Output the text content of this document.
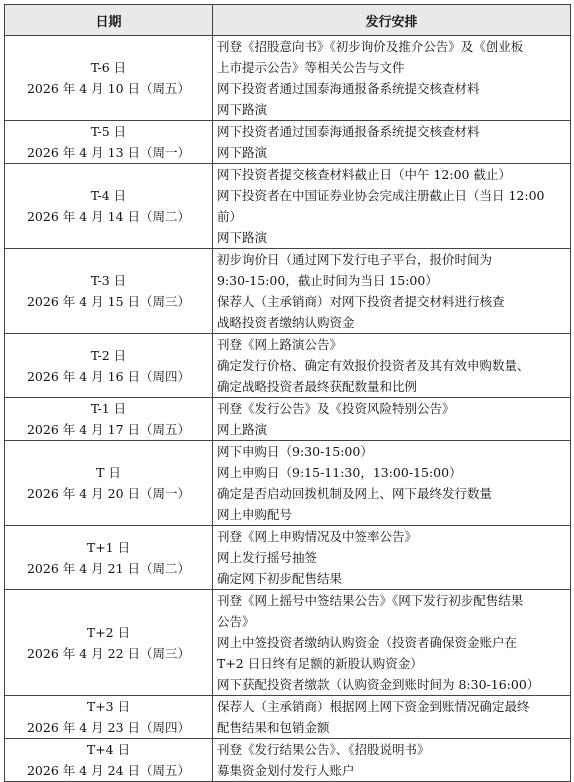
日期	发行安排

T-6 日
2026 年 4 月 10 日（周五）	刊登《招股意向书》《初步询价及推介公告》及《创业板
上市提示公告》等相关公告与文件
网下投资者通过国泰海通报备系统提交核查材料
网下路演

T-5 日
2026 年 4 月 13 日（周一）	网下投资者通过国泰海通报备系统提交核查材料
网下路演

T-4 日
2026 年 4 月 14 日（周二）	网下投资者提交核查材料截止日（中午 12:00 截止）
网下投资者在中国证券业协会完成注册截止日（当日 12:00
前）
网下路演

T-3 日
2026 年 4 月 15 日（周三）	初步询价日（通过网下发行电子平台，报价时间为
9:30-15:00，截止时间为当日 15:00）
保荐人（主承销商）对网下投资者提交材料进行核查
战略投资者缴纳认购资金

T-2 日
2026 年 4 月 16 日（周四）	刊登《网上路演公告》
确定发行价格、确定有效报价投资者及其有效申购数量、
确定战略投资者最终获配数量和比例

T-1 日
2026 年 4 月 17 日（周五）	刊登《发行公告》及《投资风险特别公告》
网上路演

T 日
2026 年 4 月 20 日（周一）	网下申购日（9:30-15:00）
网上申购日（9:15-11:30，13:00-15:00）
确定是否启动回拨机制及网上、网下最终发行数量
网上申购配号

T+1 日
2026 年 4 月 21 日（周二）	刊登《网上申购情况及中签率公告》
网上发行摇号抽签
确定网下初步配售结果

T+2 日
2026 年 4 月 22 日（周三）	刊登《网上摇号中签结果公告》《网下发行初步配售结果
公告》
网上中签投资者缴纳认购资金（投资者确保资金账户在
T+2 日日终有足额的新股认购资金）
网下获配投资者缴款（认购资金到账时间为 8:30-16:00）

T+3 日
2026 年 4 月 23 日（周四）	保荐人（主承销商）根据网上网下资金到账情况确定最终
配售结果和包销金额

T+4 日
2026 年 4 月 24 日（周五）	刊登《发行结果公告》、《招股说明书》
募集资金划付发行人账户
